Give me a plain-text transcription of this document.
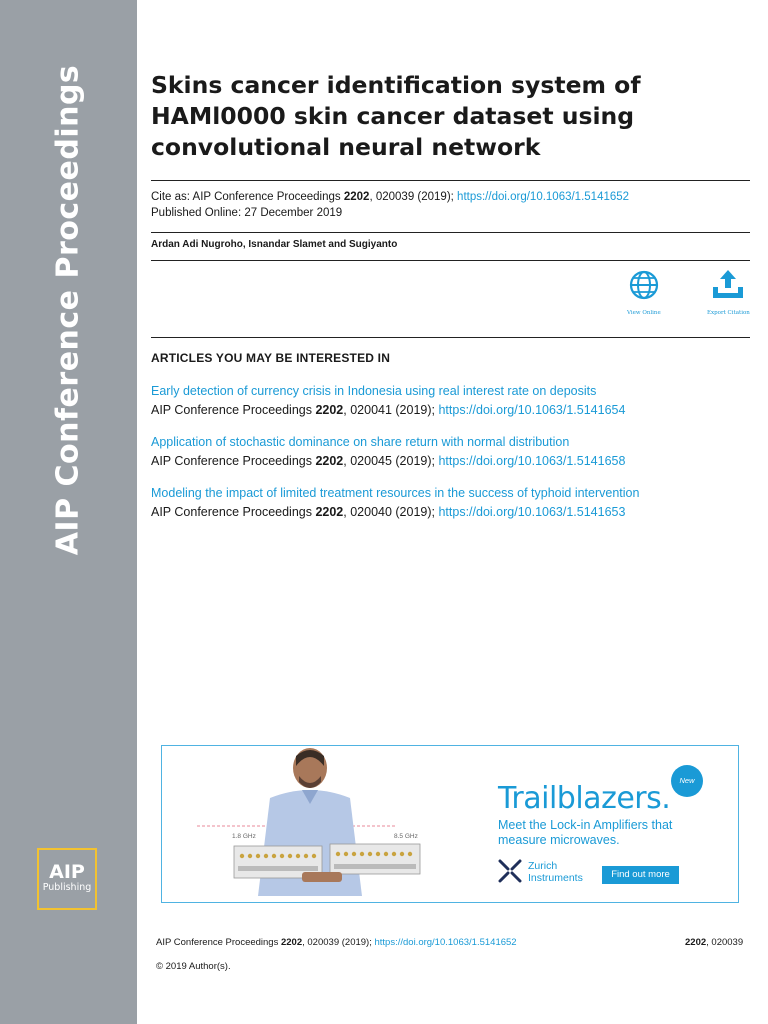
AIP Conference Proceedings
AIP
Publishing
Skins cancer identification system of HAMl0000 skin cancer dataset using convolutional neural network
Cite as: AIP Conference Proceedings 2202, 020039 (2019); https://doi.org/10.1063/1.5141652
Published Online: 27 December 2019
Ardan Adi Nugroho, Isnandar Slamet and Sugiyanto
View Online	Export Citation
ARTICLES YOU MAY BE INTERESTED IN
Early detection of currency crisis in Indonesia using real interest rate on deposits
AIP Conference Proceedings 2202, 020041 (2019); https://doi.org/10.1063/1.5141654
Application of stochastic dominance on share return with normal distribution
AIP Conference Proceedings 2202, 020045 (2019); https://doi.org/10.1063/1.5141658
Modeling the impact of limited treatment resources in the success of typhoid intervention
AIP Conference Proceedings 2202, 020040 (2019); https://doi.org/10.1063/1.5141653
1.8 GHz	8.5 GHz
New
Trailblazers.
Meet the Lock-in Amplifiers that measure microwaves.
Zurich
Instruments	Find out more
AIP Conference Proceedings 2202, 020039 (2019); https://doi.org/10.1063/1.5141652	2202, 020039
© 2019 Author(s).
